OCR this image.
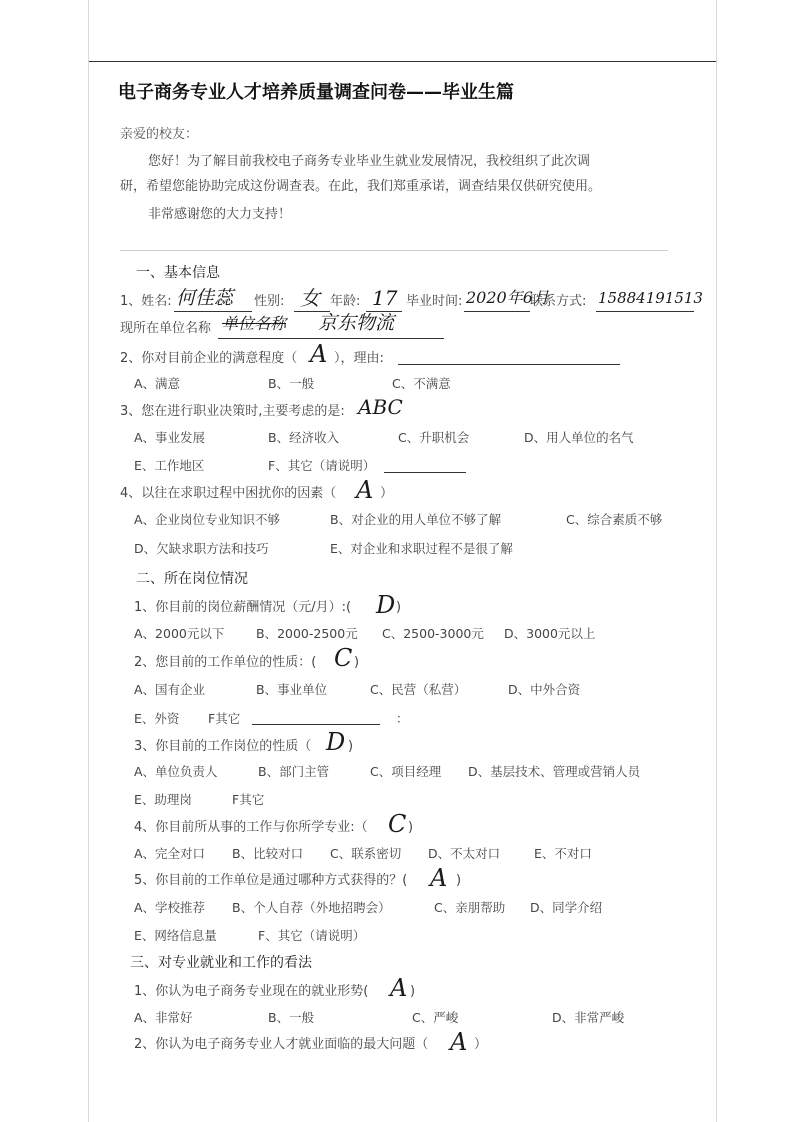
电子商务专业人才培养质量调查问卷——毕业生篇
亲爱的校友：
您好！为了解目前我校电子商务专业毕业生就业发展情况，我校组织了此次调
研，希望您能协助完成这份调查表。在此，我们郑重承诺，调查结果仅供研究使用。
非常感谢您的大力支持！
一、基本信息
1、姓名: 何佳蕊 性别: 女 年龄: 17 毕业时间: 2020年6月
联系方式: 15884191513
现所在单位名称 单位名称 京东物流
2、你对目前企业的满意程度（ A ），理由:
A、满意	B、一般	C、不满意
3、您在进行职业决策时,主要考虑的是: ABC
A、事业发展	B、经济收入	C、升职机会	D、用人单位的名气
E、工作地区	F、其它（请说明）
4、以往在求职过程中困扰你的因素（ A ）
A、企业岗位专业知识不够	B、对企业的用人单位不够了解	C、综合素质不够
D、欠缺求职方法和技巧	E、对企业和求职过程不是很了解
二、所在岗位情况
1、你目前的岗位薪酬情况（元/月）:( D )
A、2000元以下	B、2000-2500元 C、2500-3000元 D、3000元以上
2、您目前的工作单位的性质：( C )
A、国有企业	B、事业单位	C、民营（私营）	D、中外合资
E、外资 F其它	：
3、你目前的工作岗位的性质（ D )
A、单位负责人	B、部门主管	C、项目经理 D、基层技术、管理或营销人员
E、助理岗	F其它
4、你目前所从事的工作与你所学专业:（ C )
A、完全对口 B、比较对口 C、联系密切 D、不太对口	E、不对口
5、你目前的工作单位是通过哪种方式获得的？( A )
A、学校推荐 B、个人自荐（外地招聘会）	C、亲朋帮助 D、同学介绍
E、网络信息量	F、其它（请说明）
三、对专业就业和工作的看法
1、你认为电子商务专业现在的就业形势( A )
A、非常好	B、一般	C、严峻	D、非常严峻
2、你认为电子商务专业人才就业面临的最大问题（ A ）
